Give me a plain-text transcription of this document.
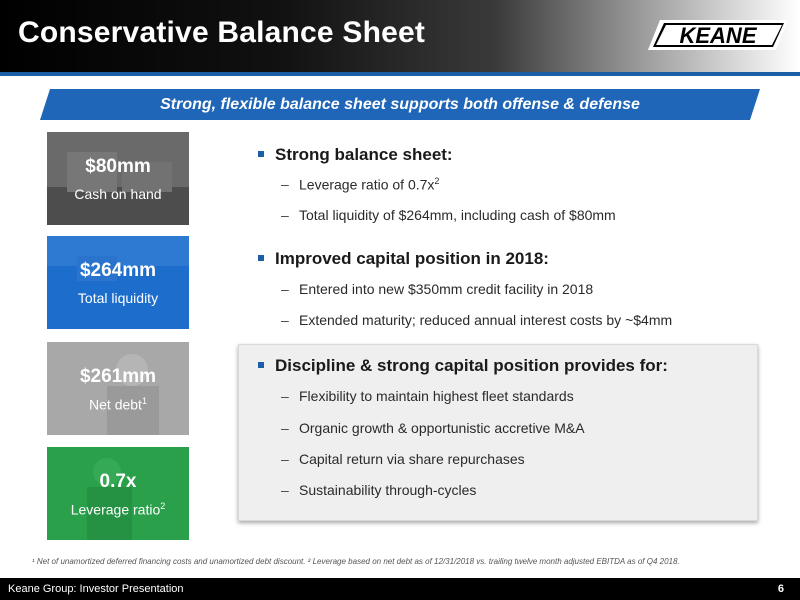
Conservative Balance Sheet	KEANE
Strong, flexible balance sheet supports both offense & defense
$80mm
Cash on hand
$264mm
Total liquidity
$261mm
Net debt$^1$
0.7x
Leverage ratio$^2$
Strong balance sheet:
– Leverage ratio of $0.7x^2$
– Total liquidity of $264mm, including cash of $80mm
Improved capital position in 2018:
– Entered into new $350mm credit facility in 2018
– Extended maturity; reduced annual interest costs by ~$4mm
Discipline & strong capital position provides for:
– Flexibility to maintain highest fleet standards
– Organic growth & opportunistic accretive M&A
– Capital return via share repurchases
– Sustainability through-cycles
¹ Net of unamortized deferred financing costs and unamortized debt discount. ² Leverage based on net debt as of 12/31/2018 vs. trailing twelve month adjusted EBITDA as of Q4 2018.
Keane Group: Investor Presentation	6
